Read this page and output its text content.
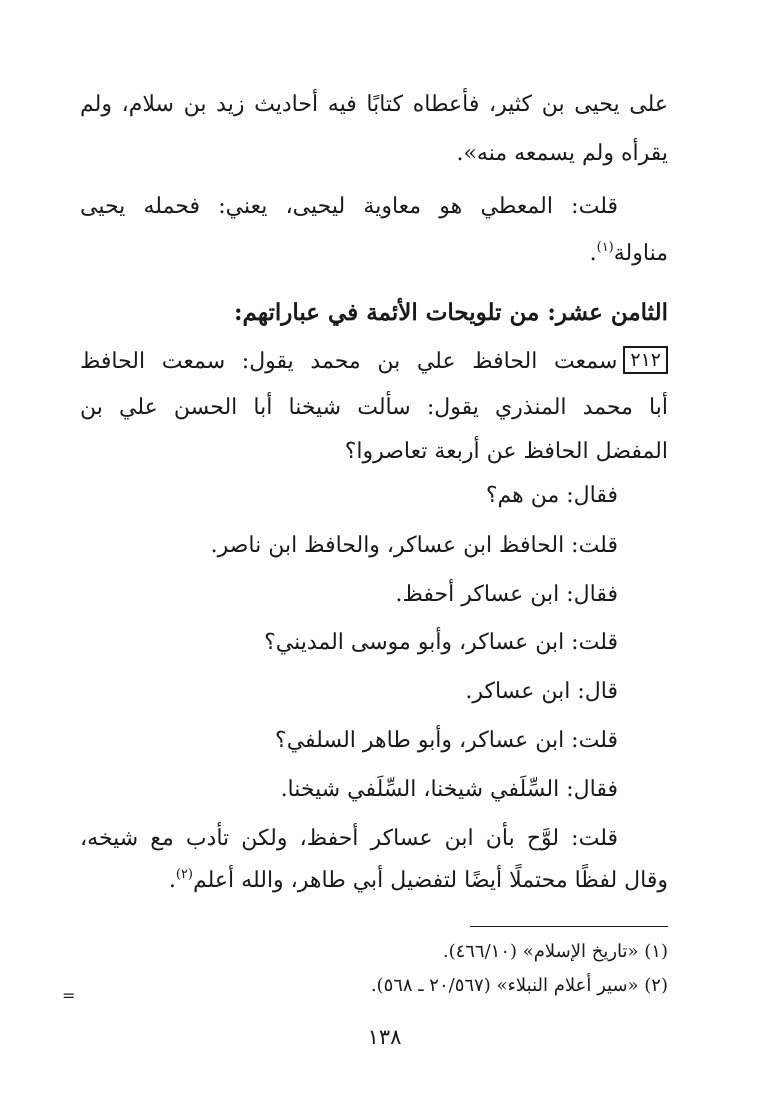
على يحيى بن كثير، فأعطاه كتابًا فيه أحاديث زيد بن سلام، ولم
يقرأه ولم يسمعه منه».
قلت: المعطي هو معاوية ليحيى، يعني: فحمله يحيى
مناولة$^{(١)}$.
الثامن عشر: من تلويحات الأئمة في عباراتهم:
٢١٢سمعت الحافظ علي بن محمد يقول: سمعت الحافظ
أبا محمد المنذري يقول: سألت شيخنا أبا الحسن علي بن
المفضل الحافظ عن أربعة تعاصروا؟
فقال: من هم؟
قلت: الحافظ ابن عساكر، والحافظ ابن ناصر.
فقال: ابن عساكر أحفظ.
قلت: ابن عساكر، وأبو موسى المديني؟
قال: ابن عساكر.
قلت: ابن عساكر، وأبو طاهر السلفي؟
فقال: السِّلَفي شيخنا، السِّلَفي شيخنا.
قلت: لوَّح بأن ابن عساكر أحفظ، ولكن تأدب مع شيخه،
وقال لفظًا محتملًا أيضًا لتفضيل أبي طاهر، والله أعلم$^{(٢)}$.
(١) «تاريخ الإسلام» (٤٦٦/١٠).
(٢) «سير أعلام النبلاء» (٢٠/٥٦٧ ـ ٥٦٨).
=
١٣٨
